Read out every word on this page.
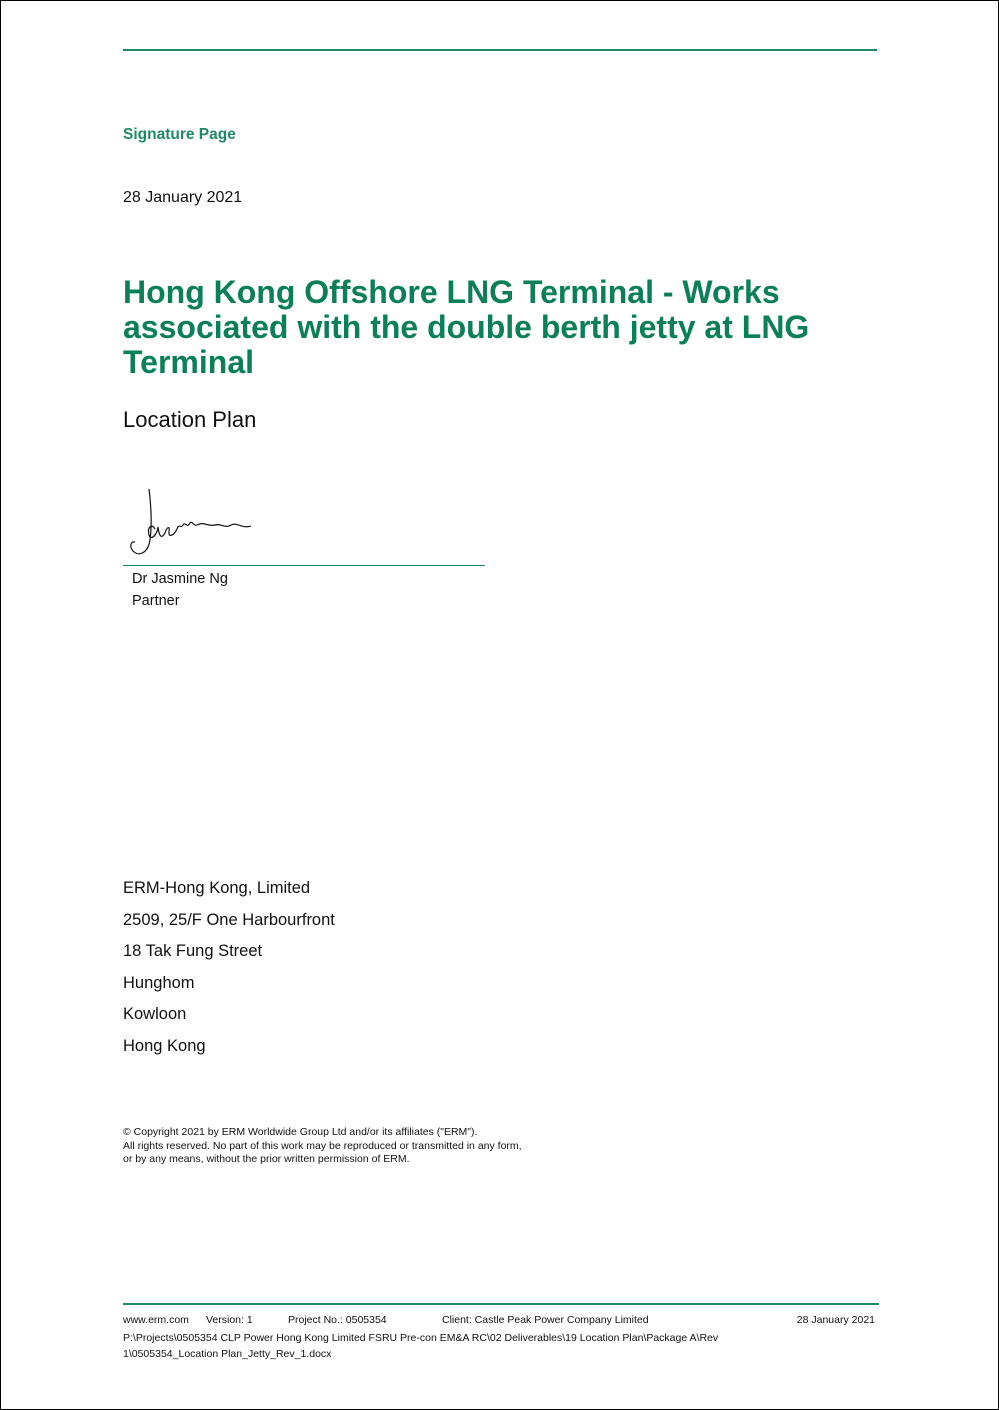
Signature Page
28 January 2021
Hong Kong Offshore LNG Terminal - Works associated with the double berth jetty at LNG Terminal
Location Plan
Dr Jasmine Ng
Partner
ERM-Hong Kong, Limited
2509, 25/F One Harbourfront
18 Tak Fung Street
Hunghom
Kowloon
Hong Kong
© Copyright 2021 by ERM Worldwide Group Ltd and/or its affiliates ("ERM").
All rights reserved. No part of this work may be reproduced or transmitted in any form,
or by any means, without the prior written permission of ERM.
www.erm.com Version: 1	Project No.: 0505354	Client: Castle Peak Power Company Limited	28 January 2021
P:\Projects\0505354 CLP Power Hong Kong Limited FSRU Pre-con EM&A RC\02 Deliverables\19 Location Plan\Package A\Rev 1\0505354_Location Plan_Jetty_Rev_1.docx
